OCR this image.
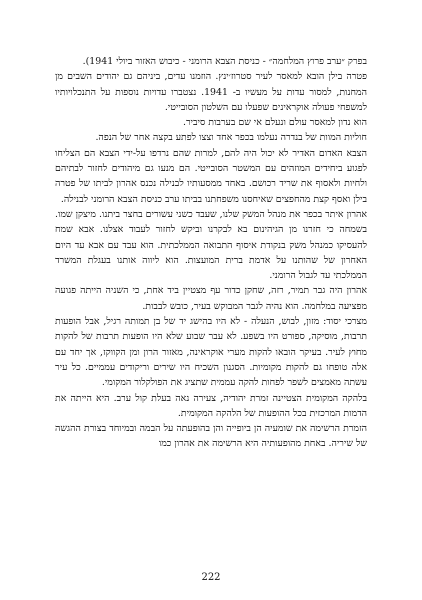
בפרק ״ערב פרוץ המלחמה״ - כניסת הצבא הרומני - כיבוש האזור ביולי 1941).

פטרה בילן הובא למאסר לעיר סטרוז׳ינץ. הוזמנו עדים, ביניהם גם יהודים השבים מן המחנות, למסור עדות על מעשיו ב- 1941. נצטברו עדויות נוספות על התנכלויותיו למשפחי פעולה אוקראינים שפעלו עם השלטון הסובייטי.

הוא נדון למאסר עולם ונעלם אי שם בערבות סיביר.

חוליות המוות של בנדרה נעלמו בכפר אחד וצצו לפתע בקצה אחר של הנפה.

הצבא האדום האדיר לא יכול היה להם, למרות שהם נרדפו על-ידי הצבא הם הצליחו לפגוע ביחידים המוזהים עם המשטר הסובייטי. הם מנעו גם מיהודים לחזור לבתיהם ולחיות ולאסוף את שריד רכושם. באחד ממסעותיו לבנילה נכנס אהרון לביתו של פטרה בילן ואסף קצת מהחפצים שאיחסנו משפחתנו בביתו ערב כניסת הצבא הרומני לבנילה.

אהרון איתר בכפר את מנהל המשק שלנו, שעבד כשני עשורים בחצר ביתנו. מיצקן שמו. בשמחה כי חזרנו מן הגיהינום בא לבקרנו וביקש לחזור לעבוד אצלנו. אבא שמח להעסיקו כמנהל משק בנקודת איסוף התבואה הממלכתית. הוא עבד עם אבא עד היום האחרון של שהותנו על אדמת ברית המועצות. הוא ליווה אותנו בעגלת המשרד הממלכתי עד לגבול הרומני.

אהרון היה גבר תמיר, רזה, שחקן כדור עף מצטיין ביד אחת, כי השניה הייתה פגועה מפציעה במלחמה. הוא נהיה לגבר המבוקש בעיר, כובש לבבות.

מצרכי יסוד: מזון, לבוש, הנעלה - לא היו בהישג יד של בן תמותה רגיל, אבל הופעות תרבות, מוסיקה, ספורט היו בשפע. לא עבר שבוע שלא היו הופעות תרבות של להקות מחוץ לעיר. בעיקר הובאו להקות מערי אוקראינה, מאזור הרון ומן הקווקז, אך יחד עם אלה טופחו גם להקות מקומיות. הסגנון השכיח היו שירים וריקודים עממיים. כל עיר עשתה מאמצים לשפר לפחות להקה עממית שתציג את הפולקלור המקומי.

בלהקה המקומית הצטיינה זמרת יהודיה, צעירה נאה בעלת קול ערב. היא הייתה את הדמות המרכזית בכל ההופעות של הלהקה המקומית.

הזמרת הרשימה את שומעיה הן ביופייה והן בהופעתה על הבמה ובמיוחד בצורת ההגשה של שיריה. באחת מהופעותיה היא הרשימה את אהרון כמו

222
